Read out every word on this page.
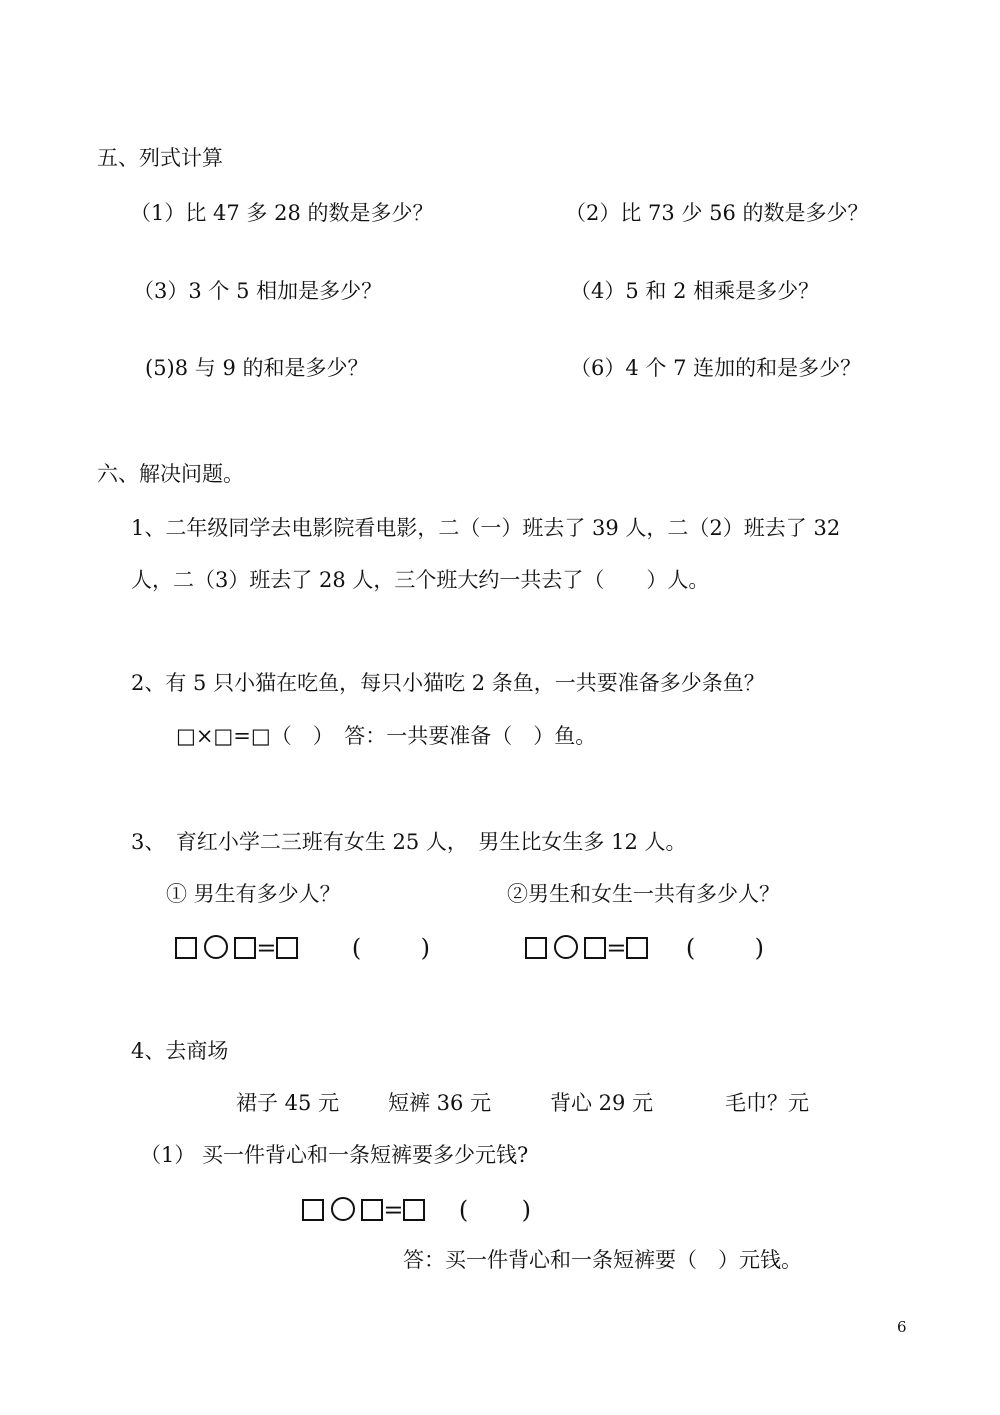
五、列式计算
（1）比 47 多 28 的数是多少？	（2）比 73 少 56 的数是多少？
（3）3 个 5 相加是多少？	（4）5 和 2 相乘是多少？
(5)8 与 9 的和是多少？	（6）4 个 7 连加的和是多少？
六、解决问题。
1、二年级同学去电影院看电影，二（一）班去了 39 人，二（2）班去了 32
人，二（3）班去了 28 人，三个班大约一共去了（　　）人。
2、有 5 只小猫在吃鱼，每只小猫吃 2 条鱼，一共要准备多少条鱼？
□×□=□（　）　答：一共要准备（　）鱼。
3、　育红小学二三班有女生 25 人，　男生比女生多 12 人。
① 男生有多少人？	②男生和女生一共有多少人？
=	( )	= ( )
4、去商场
裙子 45 元 短裤 36 元	背心 29 元	毛巾？元
（1） 买一件背心和一条短裤要多少元钱?
= ( )
答：买一件背心和一条短裤要（　）元钱。
6
